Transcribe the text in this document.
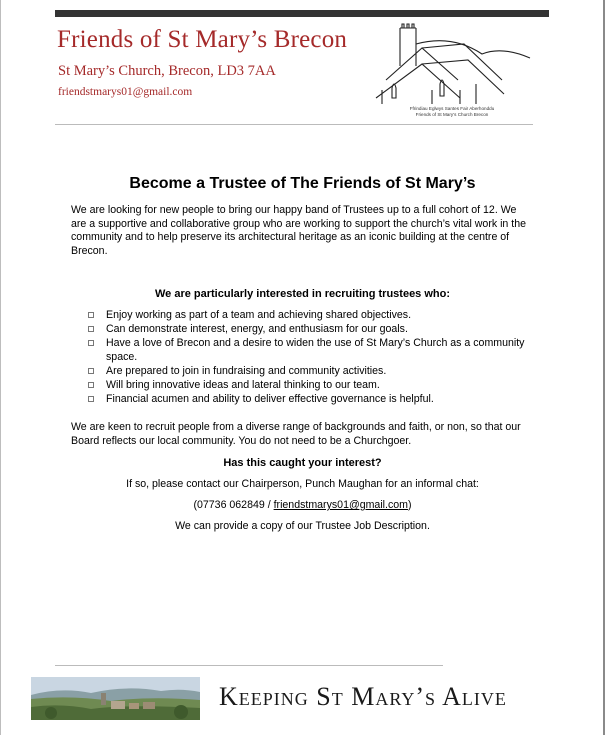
Friends of St Mary’s Brecon
St Mary’s Church, Brecon, LD3 7AA
friendstmarys01@gmail.com
Ffrindiau Eglwys Santes Fair Aberhonddu
Friends of St Mary’s Church Brecon
Become a Trustee of The Friends of St Mary’s

We are looking for new people to bring our happy band of Trustees up to a full cohort of 12. We are a supportive and collaborative group who are working to support the church’s vital work in the community and to help preserve its architectural heritage as an iconic building at the centre of Brecon.

We are particularly interested in recruiting trustees who:
Enjoy working as part of a team and achieving shared objectives.
Can demonstrate interest, energy, and enthusiasm for our goals.
Have a love of Brecon and a desire to widen the use of St Mary’s Church as a community space.
Are prepared to join in fundraising and community activities.
Will bring innovative ideas and lateral thinking to our team.
Financial acumen and ability to deliver effective governance is helpful.

We are keen to recruit people from a diverse range of backgrounds and faith, or non, so that our Board reflects our local community. You do not need to be a Churchgoer.

Has this caught your interest?
If so, please contact our Chairperson, Punch Maughan for an informal chat:
(07736 062849 / friendstmarys01@gmail.com)
We can provide a copy of our Trustee Job Description.
Keeping St Mary’s Alive
